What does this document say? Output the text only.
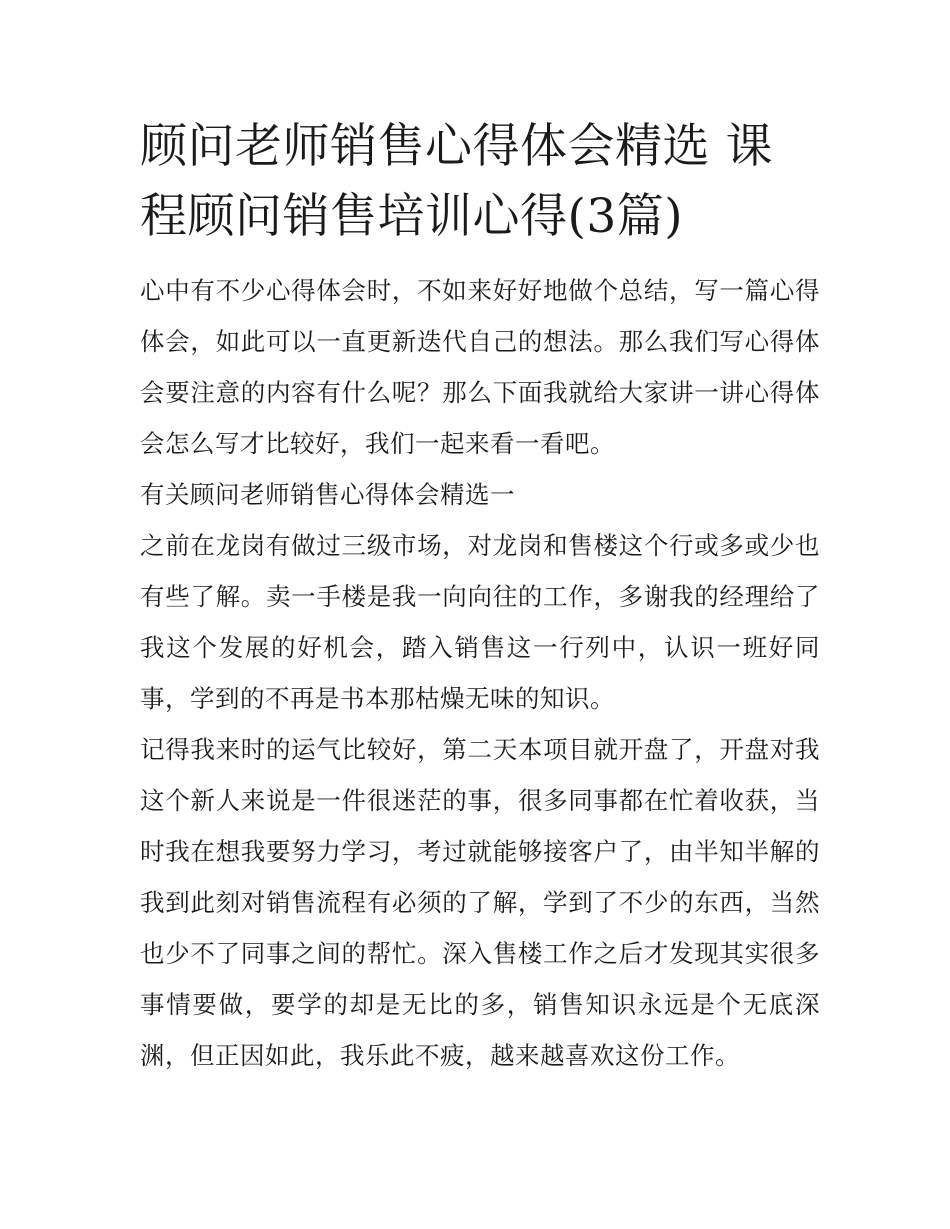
顾问老师销售心得体会精选 课程顾问销售培训心得(3篇)

心中有不少心得体会时，不如来好好地做个总结，写一篇心得体会，如此可以一直更新迭代自己的想法。那么我们写心得体会要注意的内容有什么呢？那么下面我就给大家讲一讲心得体会怎么写才比较好，我们一起来看一看吧。

有关顾问老师销售心得体会精选一

之前在龙岗有做过三级市场，对龙岗和售楼这个行或多或少也有些了解。卖一手楼是我一向向往的工作，多谢我的经理给了我这个发展的好机会，踏入销售这一行列中，认识一班好同事，学到的不再是书本那枯燥无味的知识。

记得我来时的运气比较好，第二天本项目就开盘了，开盘对我这个新人来说是一件很迷茫的事，很多同事都在忙着收获，当时我在想我要努力学习，考过就能够接客户了，由半知半解的我到此刻对销售流程有必须的了解，学到了不少的东西，当然也少不了同事之间的帮忙。深入售楼工作之后才发现其实很多事情要做，要学的却是无比的多，销售知识永远是个无底深渊，但正因如此，我乐此不疲，越来越喜欢这份工作。
